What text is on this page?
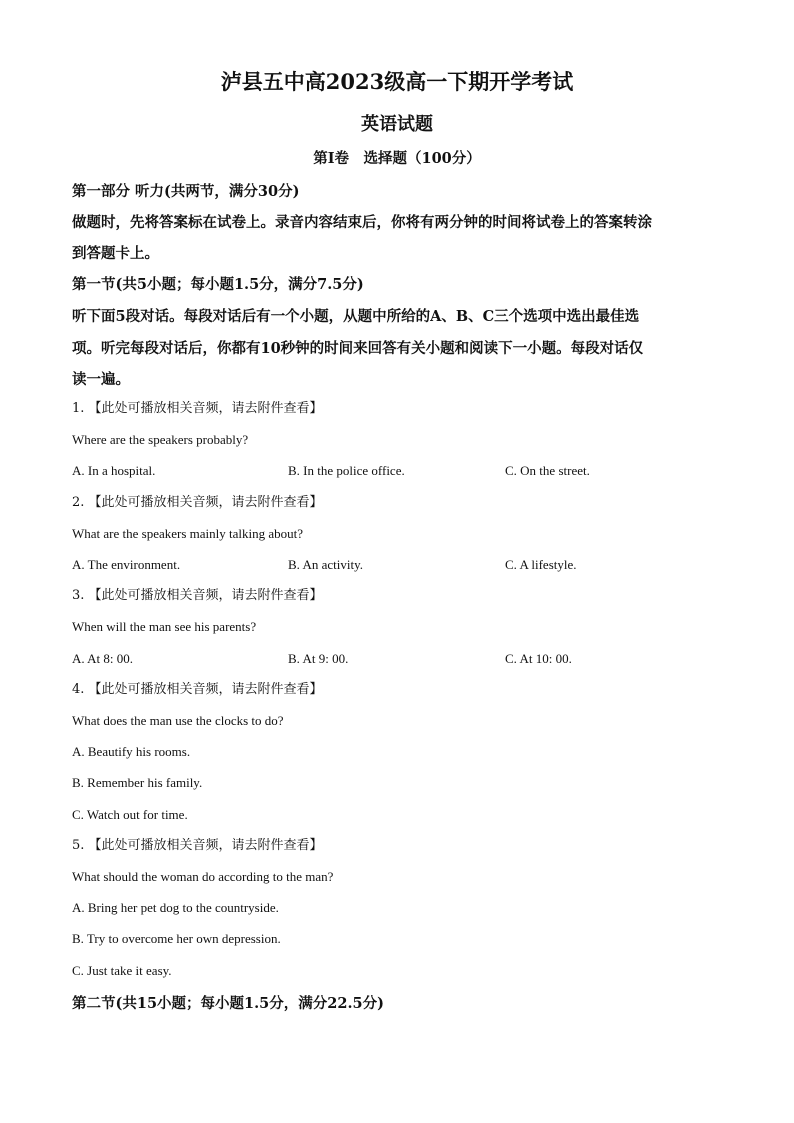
泸县五中高2023级高一下期开学考试
英语试题
第I卷　选择题（100分）
第一部分 听力(共两节，满分30分)
做题时，先将答案标在试卷上。录音内容结束后，你将有两分钟的时间将试卷上的答案转涂
到答题卡上。
第一节(共5小题；每小题1.5分，满分7.5分)
听下面5段对话。每段对话后有一个小题，从题中所给的A、B、C三个选项中选出最佳选
项。听完每段对话后，你都有10秒钟的时间来回答有关小题和阅读下一小题。每段对话仅
读一遍。
1. 【此处可播放相关音频，请去附件查看】
Where are the speakers probably?
A. In a hospital.	B. In the police office.	C. On the street.
2. 【此处可播放相关音频，请去附件查看】
What are the speakers mainly talking about?
A. The environment.	B. An activity.	C. A lifestyle.
3. 【此处可播放相关音频，请去附件查看】
When will the man see his parents?
A. At 8: 00.	B. At 9: 00.	C. At 10: 00.
4. 【此处可播放相关音频，请去附件查看】
What does the man use the clocks to do?
A. Beautify his rooms.
B. Remember his family.
C. Watch out for time.
5. 【此处可播放相关音频，请去附件查看】
What should the woman do according to the man?
A. Bring her pet dog to the countryside.
B. Try to overcome her own depression.
C. Just take it easy.
第二节(共15小题；每小题1.5分，满分22.5分)
